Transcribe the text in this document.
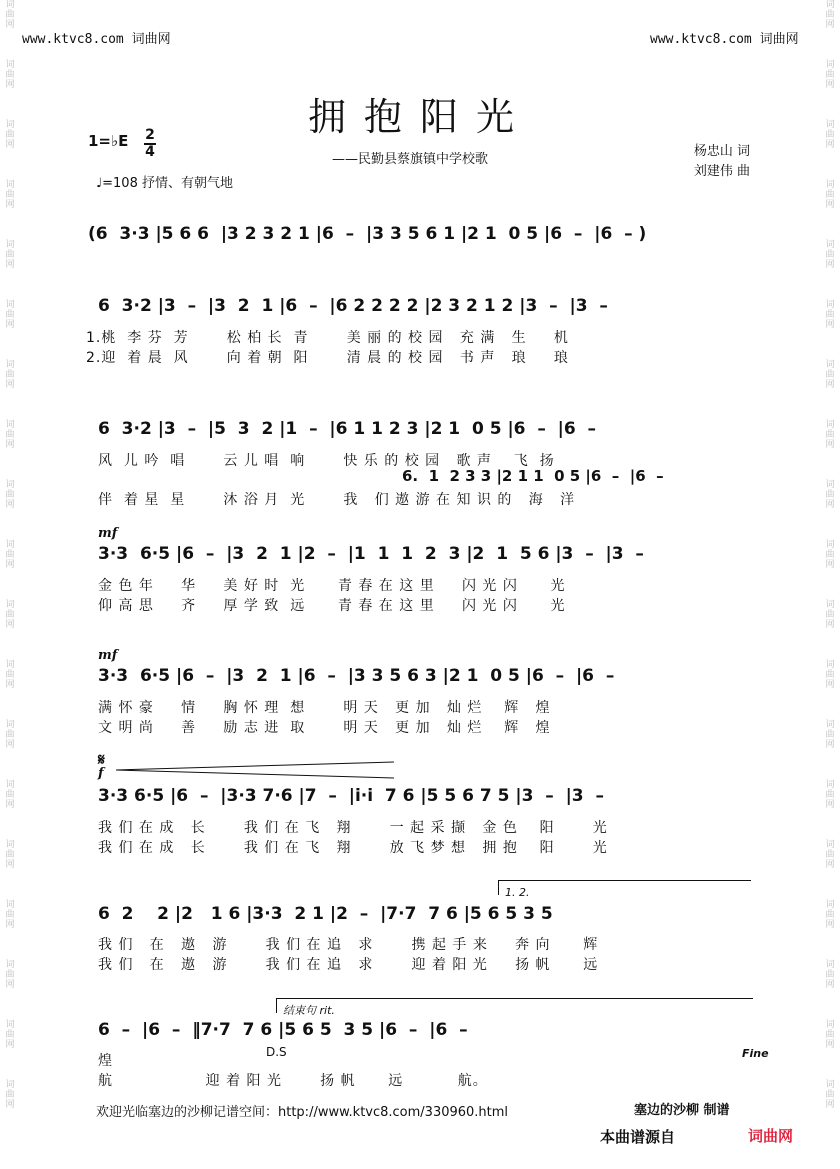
词
曲
网
词
曲
网
词
曲
网
词
曲
网
词
曲
网
词
曲
网
词
曲
网
词
曲
网
词
曲
网
词
曲
网
词
曲
网
词
曲
网
词
曲
网
词
曲
网
词
曲
网
词
曲
网
词
曲
网
词
曲
网
词
曲
网
词
曲
网
词
曲
网
词
曲
网
词
曲
网
词
曲
网
词
曲
网
词
曲
网
词
曲
网
词
曲
网
词
曲
网
词
曲
网
词
曲
网
词
曲
网
词
曲
网
词
曲
网
词
曲
网
词
曲
网
词
曲
网
词
曲
网
www.ktvc8.com 词曲网	www.ktvc8.com 词曲网
拥抱阳光
1=♭E 2
4	——民勤县蔡旗镇中学校歌
杨忠山 词
刘建伟 曲
♩=108 抒情、有朝气地
(6  3·3 |5 6 6  |3 2 3 2 1 |6  –  |3 3 5 6 1 |2 1  0 5 |6  –  |6  – )
6  3·2 |3  –  |3  2  1 |6  –  |6 2 2 2 2 |2 3 2 1 2 |3  –  |3  –
1.桃  李 芬  芳       松 柏 长  青       美 丽 的 校 园   充 满   生     机
2.迎  着 晨  风       向 着 朝  阳       清 晨 的 校 园   书 声   琅     琅
6  3·2 |3  –  |5  3  2 |1  –  |6 1 1 2 3 |2 1  0 5 |6  –  |6  –
风  儿 吟  唱       云 儿 唱  响       快 乐 的 校 园   歌 声    飞  扬
6.  1  2 3 3 |2 1 1  0 5 |6  –  |6  –
伴  着 星  星       沐 浴 月  光       我   们 遨 游 在 知 识 的   海   洋
mf
3·3  6·5 |6  –  |3  2  1 |2  –  |1  1  1  2  3 |2  1  5 6 |3  –  |3  –
金 色 年     华     美 好 时  光      青 春 在 这 里     闪 光 闪      光
仰 高 思     齐     厚 学 致  远      青 春 在 这 里     闪 光 闪      光
mf
3·3  6·5 |6  –  |3  2  1 |6  –  |3 3 5 6 3 |2 1  0 5 |6  –  |6  –
满 怀 豪     情     胸 怀 理  想       明 天   更 加   灿 烂    辉   煌
文 明 尚     善     励 志 进  取       明 天   更 加   灿 烂    辉   煌
𝄋
f
3·3 6·5 |6  –  |3·3 7·6 |7  –  |i·i  7 6 |5 5 6 7 5 |3  –  |3  –
我 们 在 成   长       我 们 在 飞   翔       一 起 采 撷   金 色    阳       光
我 们 在 成   长       我 们 在 飞   翔       放 飞 梦 想   拥 抱    阳       光
1. 2.
6  2    2 |2   1 6 |3·3  2 1 |2  –  |7·7  7 6 |5 6 5 3 5
我 们   在   遨   游       我 们 在 追   求       携 起 手 来     奔 向      辉
我 们   在   遨   游       我 们 在 追   求       迎 着 阳 光     扬 帆      远
结束句 rit.
6  –  |6  –  ‖7·7  7 6 |5 6 5  3 5 |6  –  |6  –
D.S	Fine
煌
航                 迎 着 阳 光       扬 帆      远          航。
欢迎光临塞边的沙柳记谱空间：http://www.ktvc8.com/330960.html	塞边的沙柳 制谱
本曲谱源自	词曲网
